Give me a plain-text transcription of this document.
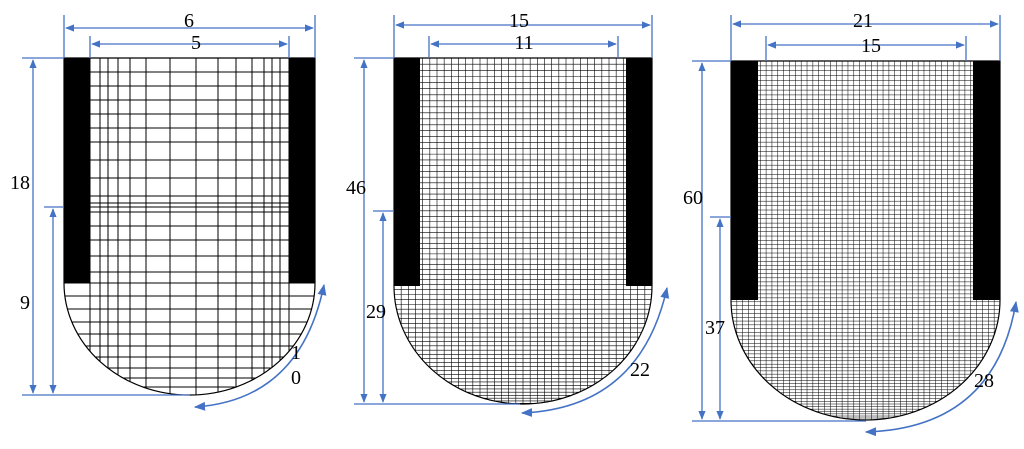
6
5
18
9
1
0
15
11
46
29
22
21
15
60
37
28
